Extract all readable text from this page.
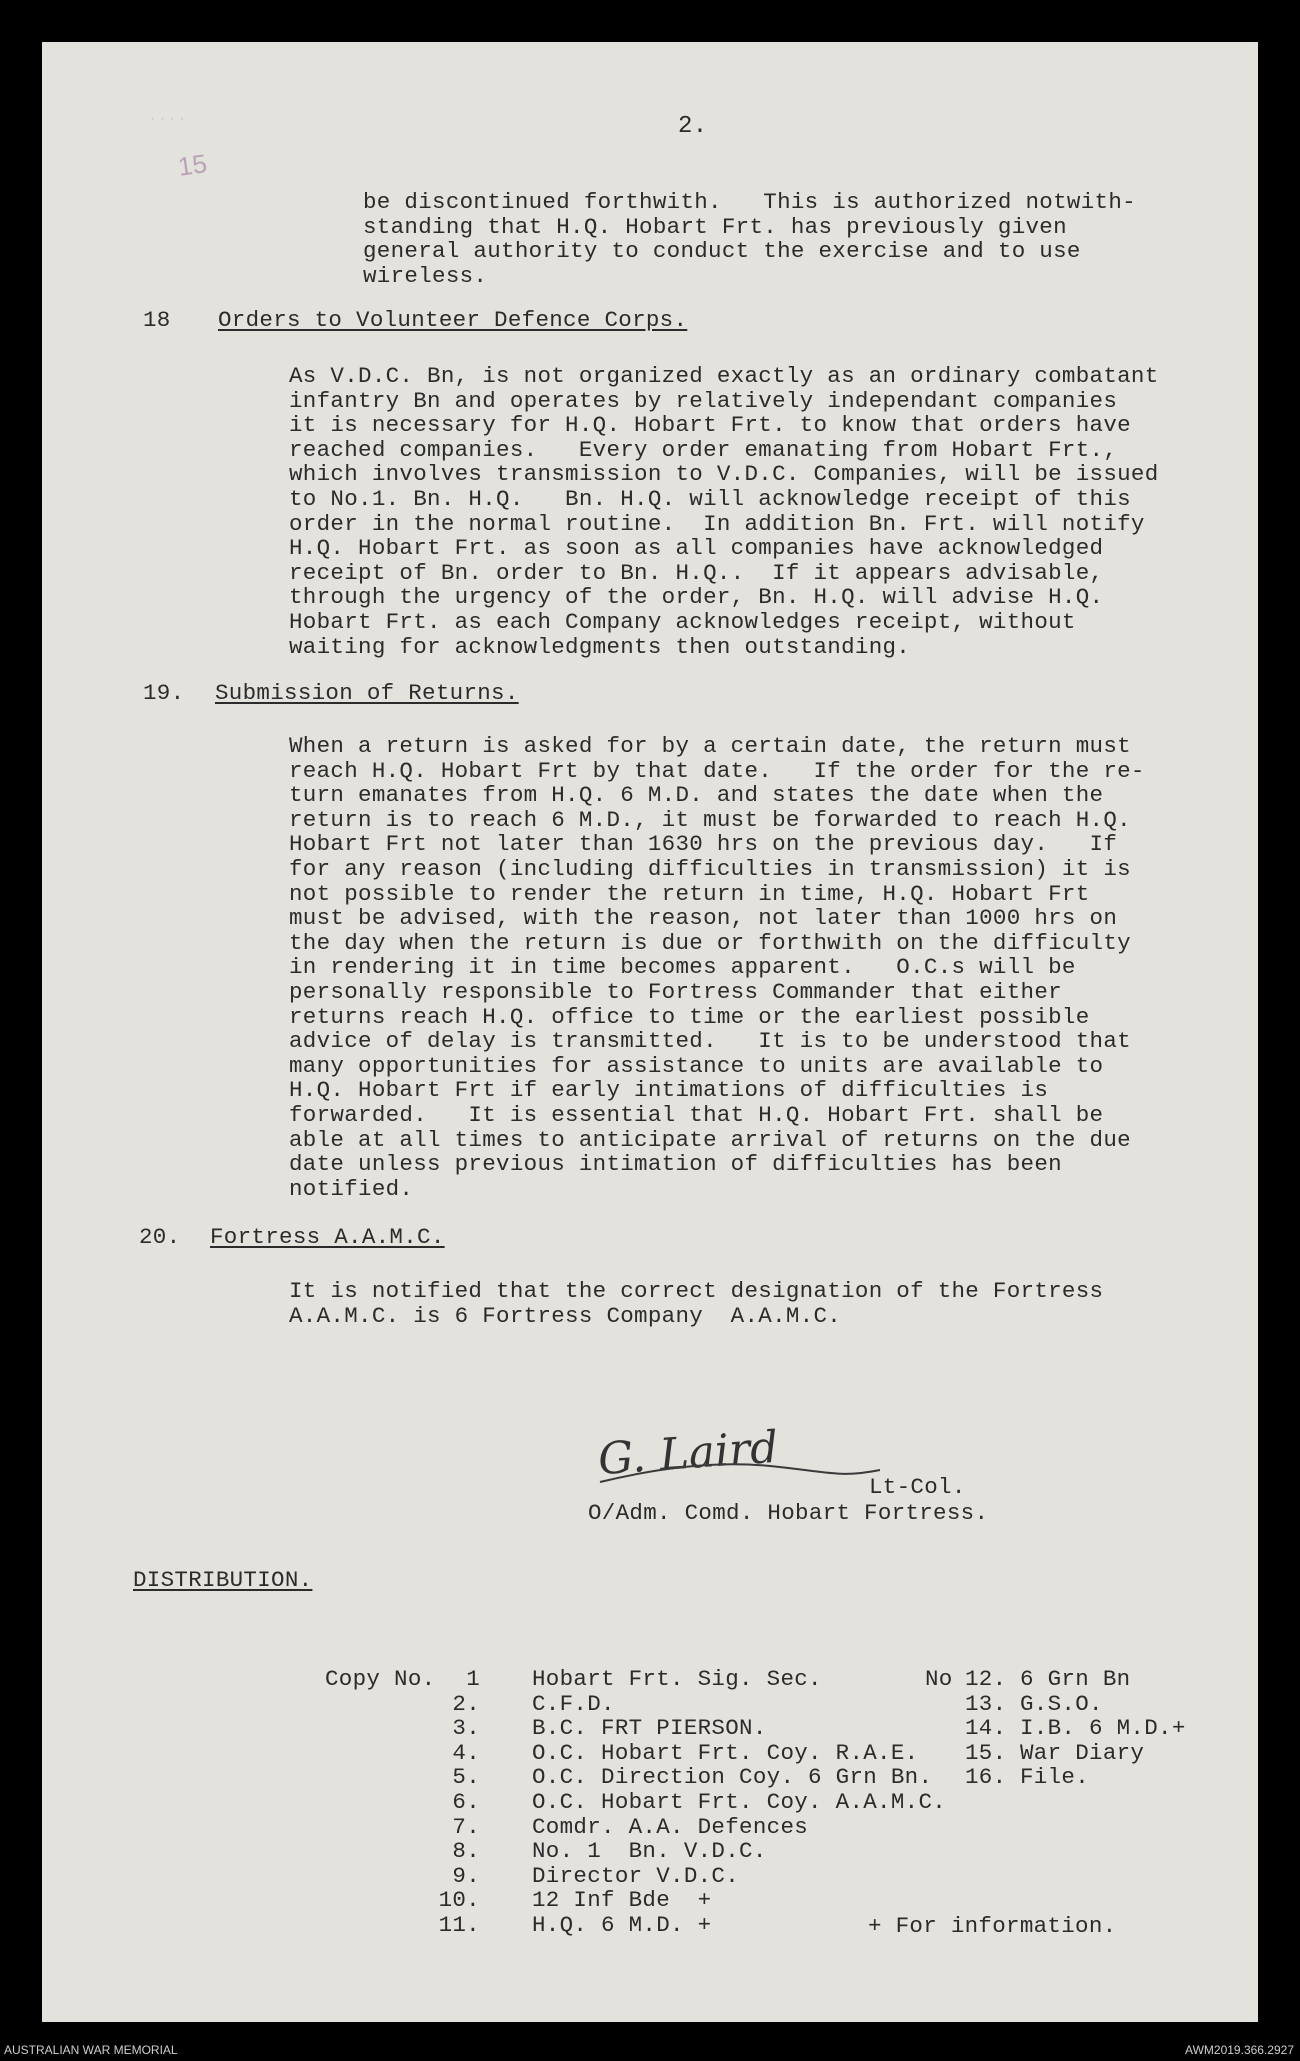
· · · ·
15
2.
be discontinued forthwith.   This is authorized notwith-
standing that H.Q. Hobart Frt. has previously given
general authority to conduct the exercise and to use
wireless.
18 Orders to Volunteer Defence Corps.
As V.D.C. Bn, is not organized exactly as an ordinary combatant
infantry Bn and operates by relatively independant companies
it is necessary for H.Q. Hobart Frt. to know that orders have
reached companies.   Every order emanating from Hobart Frt.,
which involves transmission to V.D.C. Companies, will be issued
to No.1. Bn. H.Q.   Bn. H.Q. will acknowledge receipt of this
order in the normal routine.  In addition Bn. Frt. will notify
H.Q. Hobart Frt. as soon as all companies have acknowledged
receipt of Bn. order to Bn. H.Q..  If it appears advisable,
through the urgency of the order, Bn. H.Q. will advise H.Q.
Hobart Frt. as each Company acknowledges receipt, without
waiting for acknowledgments then outstanding.
19. Submission of Returns.
When a return is asked for by a certain date, the return must
reach H.Q. Hobart Frt by that date.   If the order for the re-
turn emanates from H.Q. 6 M.D. and states the date when the
return is to reach 6 M.D., it must be forwarded to reach H.Q.
Hobart Frt not later than 1630 hrs on the previous day.   If
for any reason (including difficulties in transmission) it is
not possible to render the return in time, H.Q. Hobart Frt
must be advised, with the reason, not later than 1000 hrs on
the day when the return is due or forthwith on the difficulty
in rendering it in time becomes apparent.   O.C.s will be
personally responsible to Fortress Commander that either
returns reach H.Q. office to time or the earliest possible
advice of delay is transmitted.   It is to be understood that
many opportunities for assistance to units are available to
H.Q. Hobart Frt if early intimations of difficulties is
forwarded.   It is essential that H.Q. Hobart Frt. shall be
able at all times to anticipate arrival of returns on the due
date unless previous intimation of difficulties has been
notified.
20. Fortress A.A.M.C.
It is notified that the correct designation of the Fortress
A.A.M.C. is 6 Fortress Company  A.A.M.C.
G. Laird
Lt-Col.
O/Adm. Comd. Hobart Fortress.
DISTRIBUTION.
Copy No.	No
1 Hobart Frt. Sig. Sec.
2. C.F.D.
3. B.C. FRT PIERSON.
4. O.C. Hobart Frt. Coy. R.A.E.
5. O.C. Direction Coy. 6 Grn Bn.
6. O.C. Hobart Frt. Coy. A.A.M.C.
7. Comdr. A.A. Defences
8. No. 1  Bn. V.D.C.
9. Director V.D.C.
10. 12 Inf Bde  +
11. H.Q. 6 M.D. +
12. 6 Grn Bn
13. G.S.O.
14. I.B. 6 M.D.+
15. War Diary
16. File.
+ For information.
AUSTRALIAN WAR MEMORIAL	AWM2019.366.2927
